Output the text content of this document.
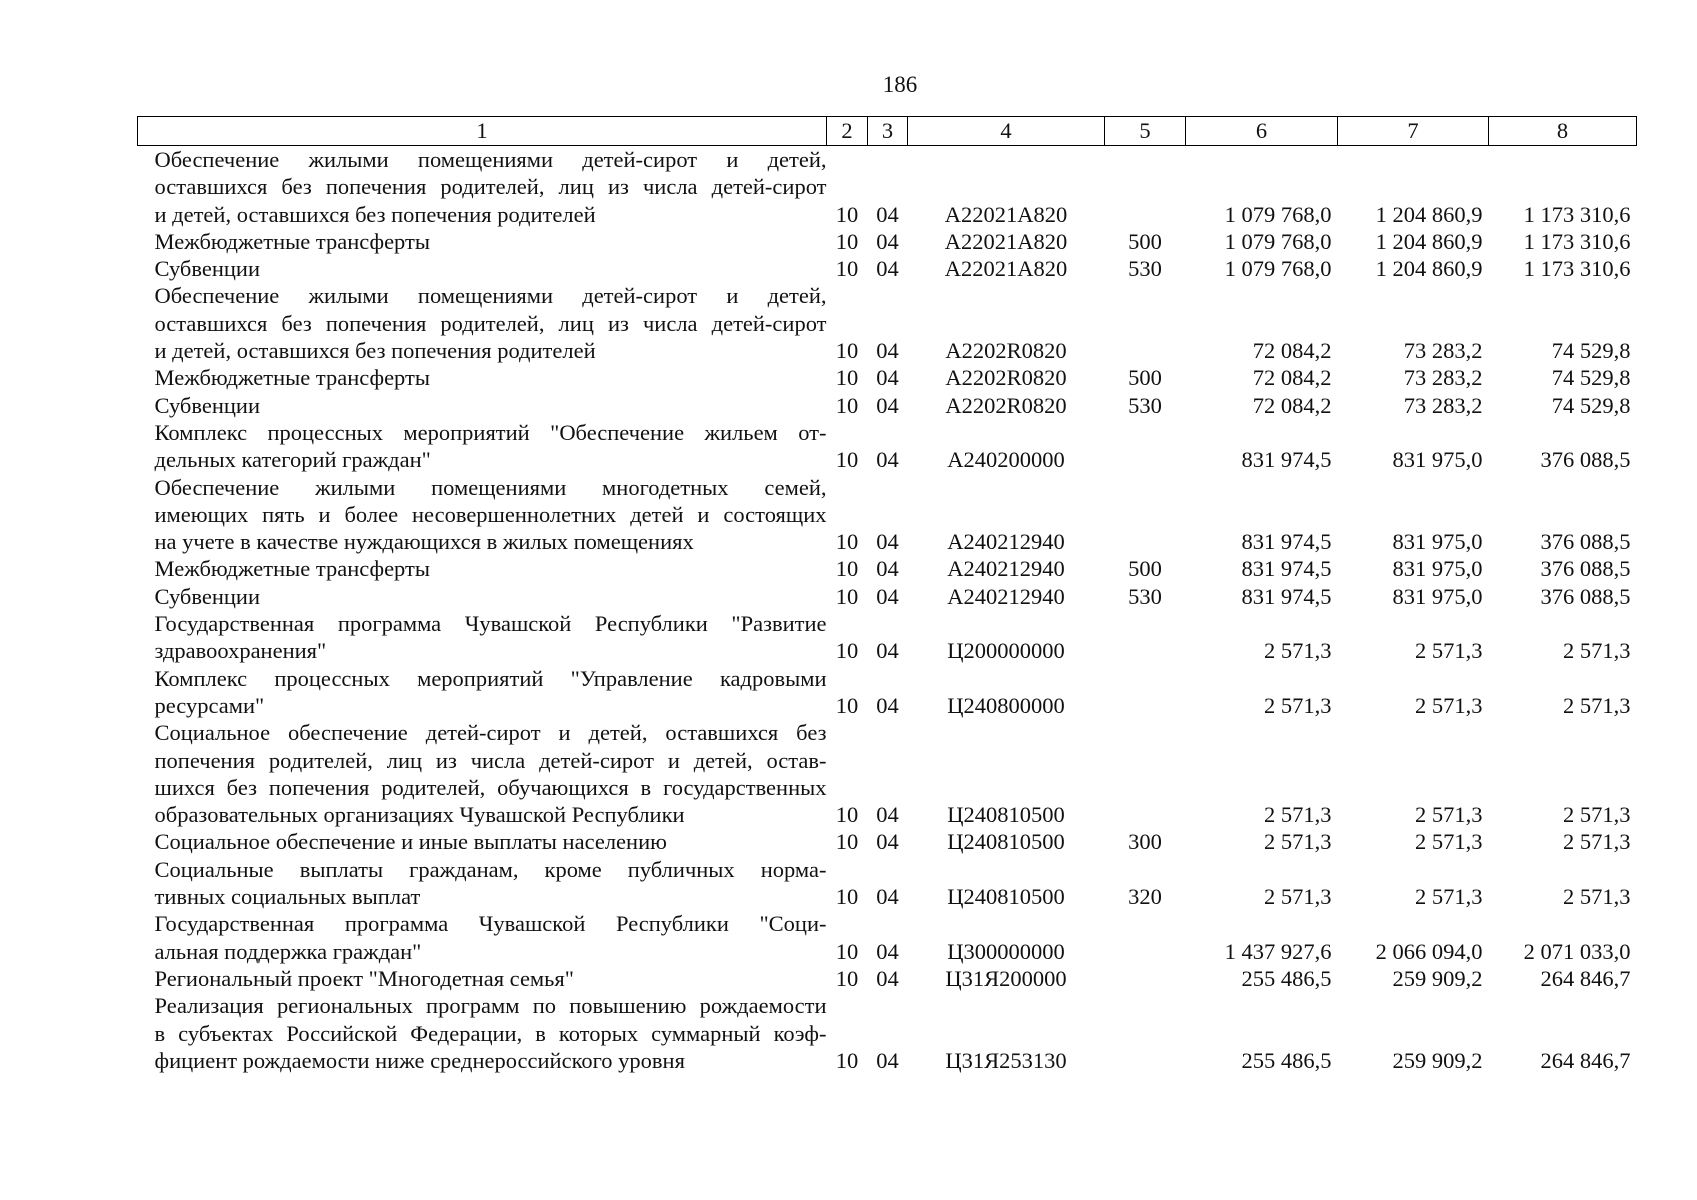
186
1	2	3	4	5	6	7	8

Обеспечение жилыми помещениями детей-сирот и детей,
оставшихся без попечения родителей, лиц из числа детей-сирот
и детей, оставшихся без попечения родителей	10	04	А22021А820		1 079 768,0	1 204 860,9	1 173 310,6

Межбюджетные трансферты	10	04	А22021А820	500	1 079 768,0	1 204 860,9	1 173 310,6

Субвенции	10	04	А22021А820	530	1 079 768,0	1 204 860,9	1 173 310,6

Обеспечение жилыми помещениями детей-сирот и детей,
оставшихся без попечения родителей, лиц из числа детей-сирот
и детей, оставшихся без попечения родителей	10	04	А2202R0820		72 084,2	73 283,2	74 529,8

Межбюджетные трансферты	10	04	А2202R0820	500	72 084,2	73 283,2	74 529,8

Субвенции	10	04	А2202R0820	530	72 084,2	73 283,2	74 529,8

Комплекс процессных мероприятий "Обеспечение жильем от-
дельных категорий граждан"	10	04	А240200000		831 974,5	831 975,0	376 088,5

Обеспечение жилыми помещениями многодетных семей,
имеющих пять и более несовершеннолетних детей и состоящих
на учете в качестве нуждающихся в жилых помещениях	10	04	А240212940		831 974,5	831 975,0	376 088,5

Межбюджетные трансферты	10	04	А240212940	500	831 974,5	831 975,0	376 088,5

Субвенции	10	04	А240212940	530	831 974,5	831 975,0	376 088,5

Государственная программа Чувашской Республики "Развитие
здравоохранения"	10	04	Ц200000000		2 571,3	2 571,3	2 571,3

Комплекс процессных мероприятий "Управление кадровыми
ресурсами"	10	04	Ц240800000		2 571,3	2 571,3	2 571,3

Социальное обеспечение детей-сирот и детей, оставшихся без
попечения родителей, лиц из числа детей-сирот и детей, остав-
шихся без попечения родителей, обучающихся в государственных
образовательных организациях Чувашской Республики	10	04	Ц240810500		2 571,3	2 571,3	2 571,3

Социальное обеспечение и иные выплаты населению	10	04	Ц240810500	300	2 571,3	2 571,3	2 571,3

Социальные выплаты гражданам, кроме публичных норма-
тивных социальных выплат	10	04	Ц240810500	320	2 571,3	2 571,3	2 571,3

Государственная программа Чувашской Республики "Соци-
альная поддержка граждан"	10	04	Ц300000000		1 437 927,6	2 066 094,0	2 071 033,0

Региональный проект "Многодетная семья"	10	04	Ц31Я200000		255 486,5	259 909,2	264 846,7

Реализация региональных программ по повышению рождаемости
в субъектах Российской Федерации, в которых суммарный коэф-
фициент рождаемости ниже среднероссийского уровня	10	04	Ц31Я253130		255 486,5	259 909,2	264 846,7
